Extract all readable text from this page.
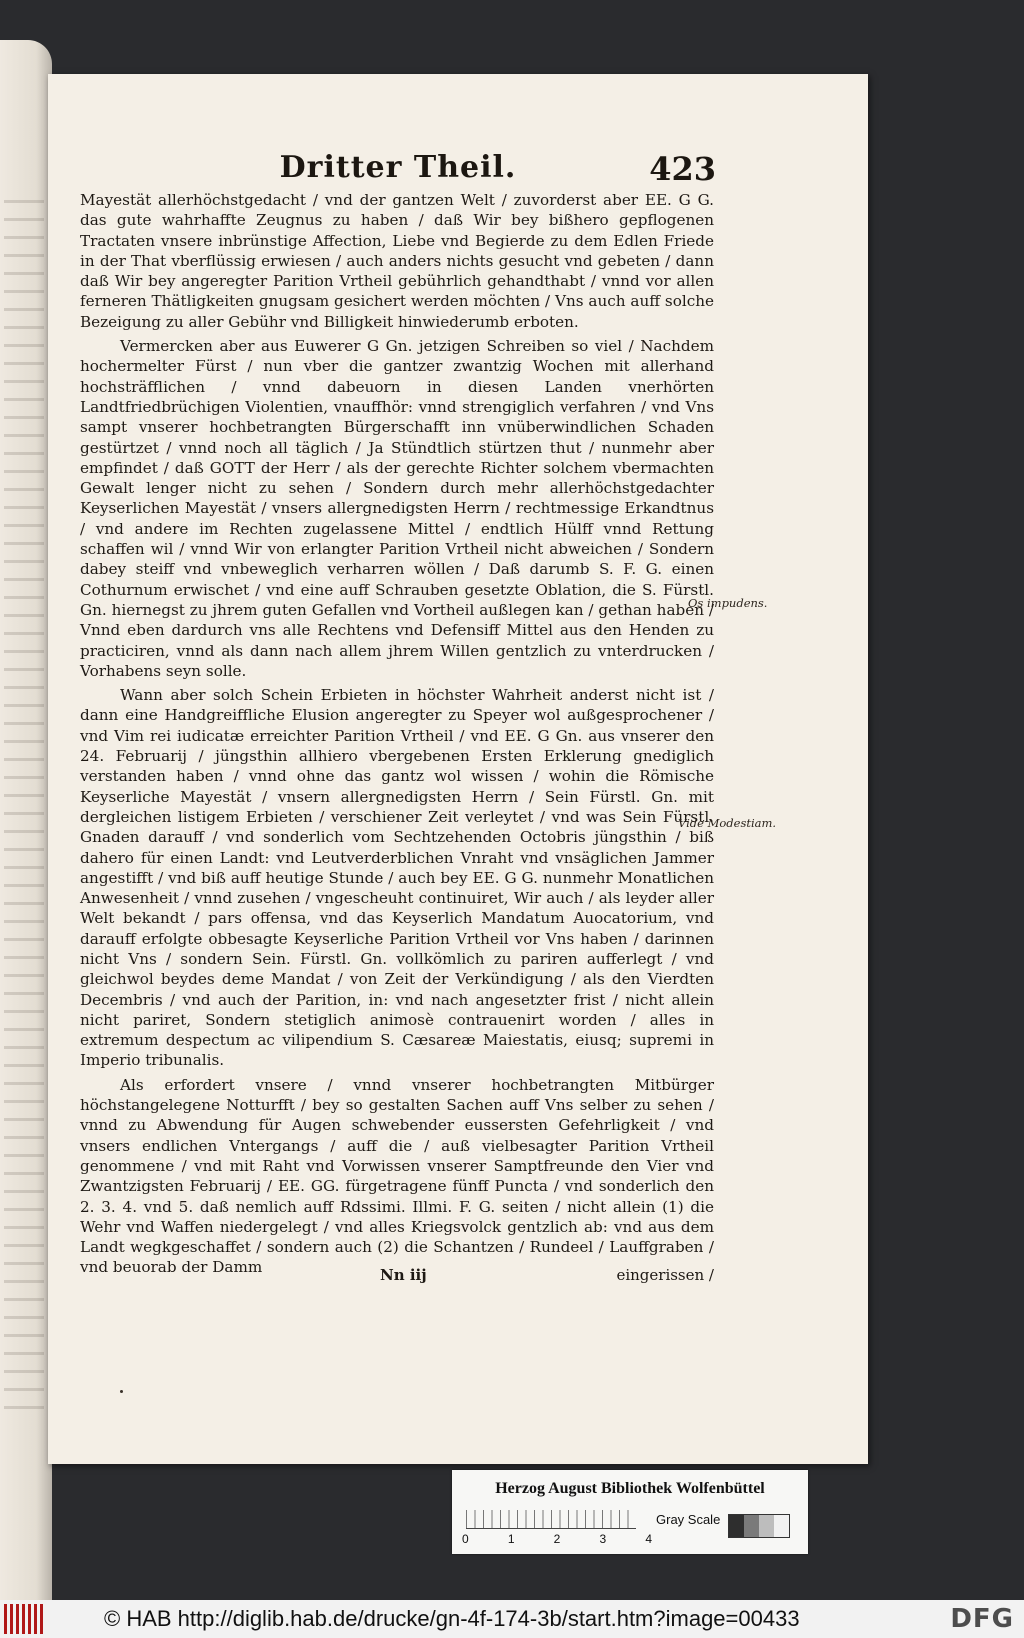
Dritter Theil.	423

Mayestät allerhöchstgedacht / vnd der gantzen Welt / zuvorderst aber EE. G G. das gute wahrhaffte Zeugnus zu haben / daß Wir bey bißhero gepflogenen Tractaten vnsere inbrünstige Affection, Liebe vnd Begierde zu dem Edlen Friede in der That vberflüssig erwiesen / auch anders nichts gesucht vnd gebeten / dann daß Wir bey angeregter Parition Vrtheil gebührlich gehandthabt / vnnd vor allen ferneren Thätligkeiten gnugsam gesichert werden möchten / Vns auch auff solche Bezeigung zu aller Gebühr vnd Billigkeit hinwiederumb erboten.

Vermercken aber aus Euwerer G Gn. jetzigen Schreiben so viel / Nachdem hochermelter Fürst / nun vber die gantzer zwantzig Wochen mit allerhand hochsträfflichen / vnnd dabeuorn in diesen Landen vnerhörten Landtfriedbrüchigen Violentien, vnauffhör: vnnd strengiglich verfahren / vnd Vns sampt vnserer hochbetrangten Bürgerschafft inn vnüberwindlichen Schaden gestürtzet / vnnd noch all täglich / Ja Stündtlich stürtzen thut / nunmehr aber empfindet / daß GOTT der Herr / als der gerechte Richter solchem vbermachten Gewalt lenger nicht zu sehen / Sondern durch mehr allerhöchstgedachter Keyserlichen Mayestät / vnsers allergnedigsten Herrn / rechtmessige Erkandtnus / vnd andere im Rechten zugelassene Mittel / endtlich Hülff vnnd Rettung schaffen wil / vnnd Wir von erlangter Parition Vrtheil nicht abweichen / Sondern dabey steiff vnd vnbeweglich verharren wöllen / Daß darumb S. F. G. einen Cothurnum erwischet / vnd eine auff Schrauben gesetzte Oblation, die S. Fürstl. Gn. hiernegst zu jhrem guten Gefallen vnd Vortheil außlegen kan / gethan haben / Vnnd eben dardurch vns alle Rechtens vnd Defensiff Mittel aus den Henden zu practiciren, vnnd als dann nach allem jhrem Willen gentzlich zu vnterdrucken / Vorhabens seyn solle.

Wann aber solch Schein Erbieten in höchster Wahrheit anderst nicht ist / dann eine Handgreiffliche Elusion angeregter zu Speyer wol außgesprochener / vnd Vim rei iudicatæ erreichter Parition Vrtheil / vnd EE. G Gn. aus vnserer den 24. Februarij / jüngsthin allhiero vbergebenen Ersten Erklerung gnediglich verstanden haben / vnnd ohne das gantz wol wissen / wohin die Römische Keyserliche Mayestät / vnsern allergnedigsten Herrn / Sein Fürstl. Gn. mit dergleichen listigem Erbieten / verschiener Zeit verleytet / vnd was Sein Fürstl. Gnaden darauff / vnd sonderlich vom Sechtzehenden Octobris jüngsthin / biß dahero für einen Landt: vnd Leutverderblichen Vnraht vnd vnsäglichen Jammer angestifft / vnd biß auff heutige Stunde / auch bey EE. G G. nunmehr Monatlichen Anwesenheit / vnnd zusehen / vngescheuht continuiret, Wir auch / als leyder aller Welt bekandt / pars offensa, vnd das Keyserlich Mandatum Auocatorium, vnd darauff erfolgte obbesagte Keyserliche Parition Vrtheil vor Vns haben / darinnen nicht Vns / sondern Sein. Fürstl. Gn. vollkömlich zu pariren aufferlegt / vnd gleichwol beydes deme Mandat / von Zeit der Verkündigung / als den Vierdten Decembris / vnd auch der Parition, in: vnd nach angesetzter frist / nicht allein nicht pariret, Sondern stetiglich animosè contrauenirt worden / alles in extremum despectum ac vilipendium S. Cæsareæ Maiestatis, eiusq; supremi in Imperio tribunalis.

Als erfordert vnsere / vnnd vnserer hochbetrangten Mitbürger höchstangelegene Notturfft / bey so gestalten Sachen auff Vns selber zu sehen / vnnd zu Abwendung für Augen schwebender eussersten Gefehrligkeit / vnd vnsers endlichen Vntergangs / auff die / auß vielbesagter Parition Vrtheil genommene / vnd mit Raht vnd Vorwissen vnserer Samptfreunde den Vier vnd Zwantzigsten Februarij / EE. GG. fürgetragene fünff Puncta / vnd sonderlich den 2. 3. 4. vnd 5. daß nemlich auff Rdssimi. Illmi. F. G. seiten / nicht allein (1) die Wehr vnd Waffen niedergelegt / vnd alles Kriegsvolck gentzlich ab: vnd aus dem Landt wegkgeschaffet / sondern auch (2) die Schantzen / Rundeel / Lauffgraben / vnd beuorab der Damm	Nn iij	eingerissen /
Os impudens.
Vide Modestiam.
Herzog August Bibliothek Wolfenbüttel
0	1	2	3	4
Gray Scale
© HAB http://diglib.hab.de/drucke/gn-4f-174-3b/start.htm?image=00433	DFG
